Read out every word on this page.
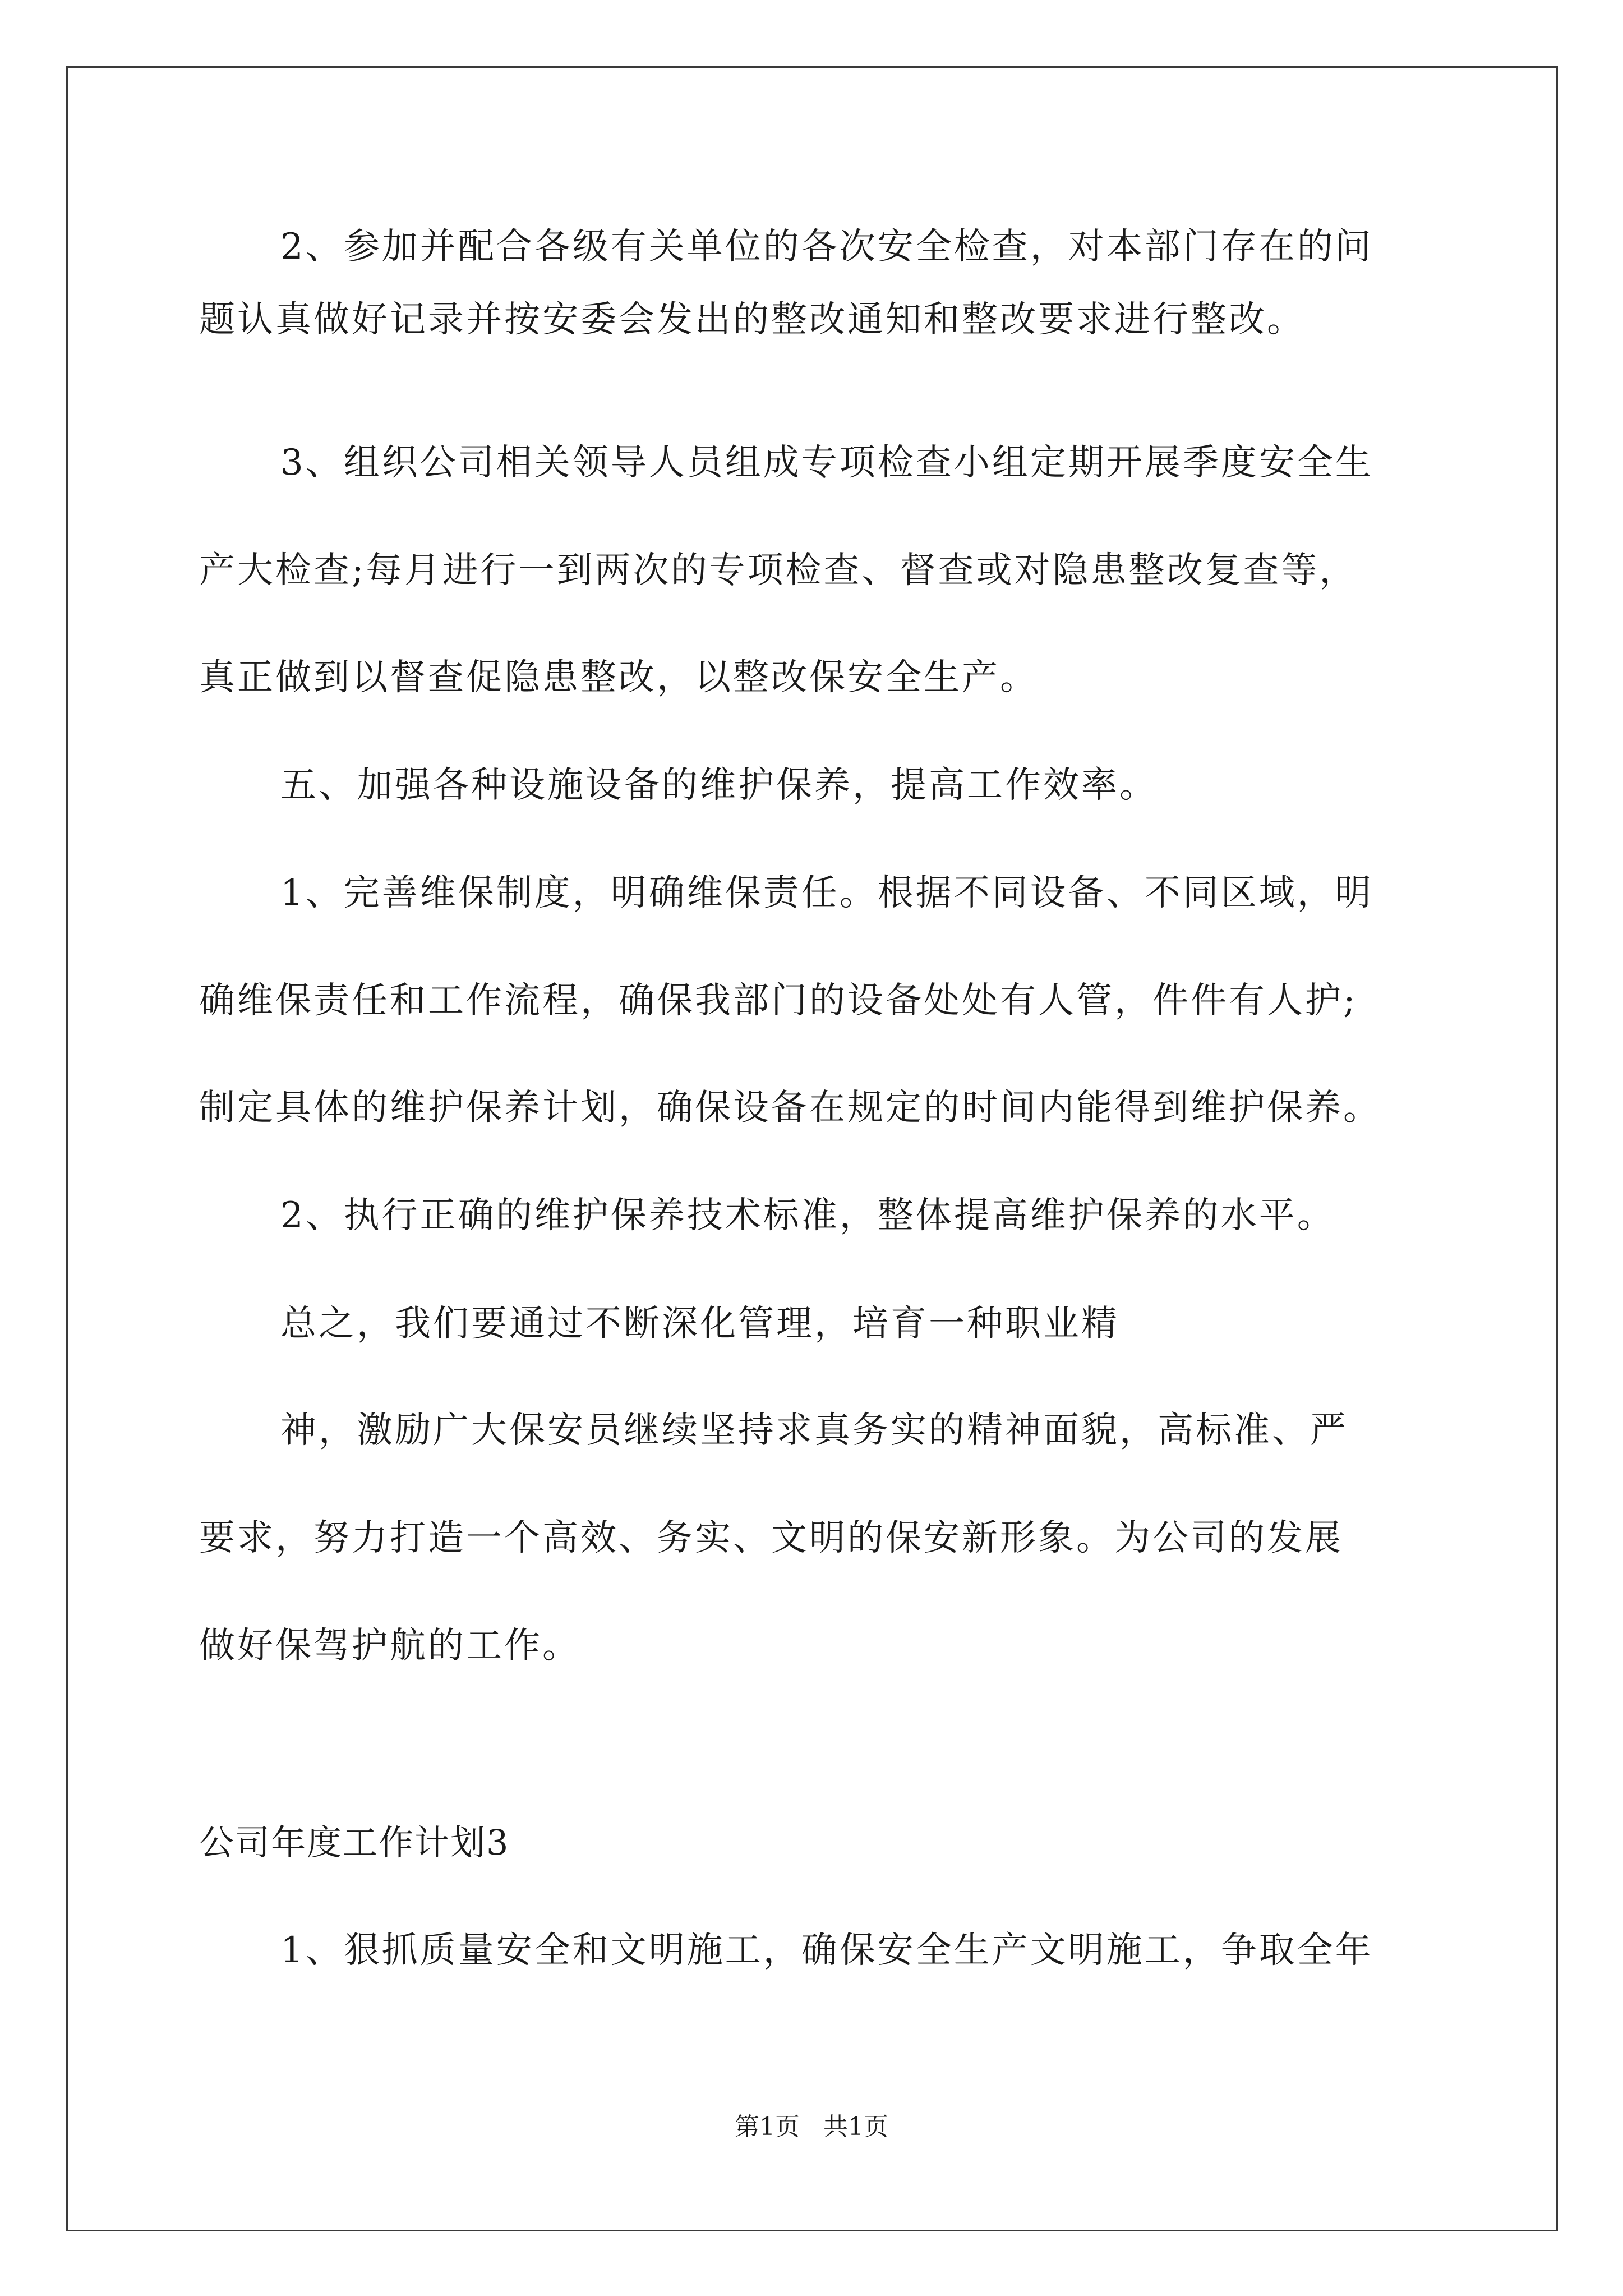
2、参加并配合各级有关单位的各次安全检查，对本部门存在的问
题认真做好记录并按安委会发出的整改通知和整改要求进行整改。
3、组织公司相关领导人员组成专项检查小组定期开展季度安全生
产大检查;每月进行一到两次的专项检查、督查或对隐患整改复查等，
真正做到以督查促隐患整改，以整改保安全生产。
五、加强各种设施设备的维护保养，提高工作效率。
1、完善维保制度，明确维保责任。根据不同设备、不同区域，明
确维保责任和工作流程，确保我部门的设备处处有人管，件件有人护;
制定具体的维护保养计划，确保设备在规定的时间内能得到维护保养。
2、执行正确的维护保养技术标准，整体提高维护保养的水平。
总之，我们要通过不断深化管理，培育一种职业精
神，激励广大保安员继续坚持求真务实的精神面貌，高标准、严
要求，努力打造一个高效、务实、文明的保安新形象。为公司的发展
做好保驾护航的工作。
公司年度工作计划3
1、狠抓质量安全和文明施工，确保安全生产文明施工，争取全年
第1页   共1页
